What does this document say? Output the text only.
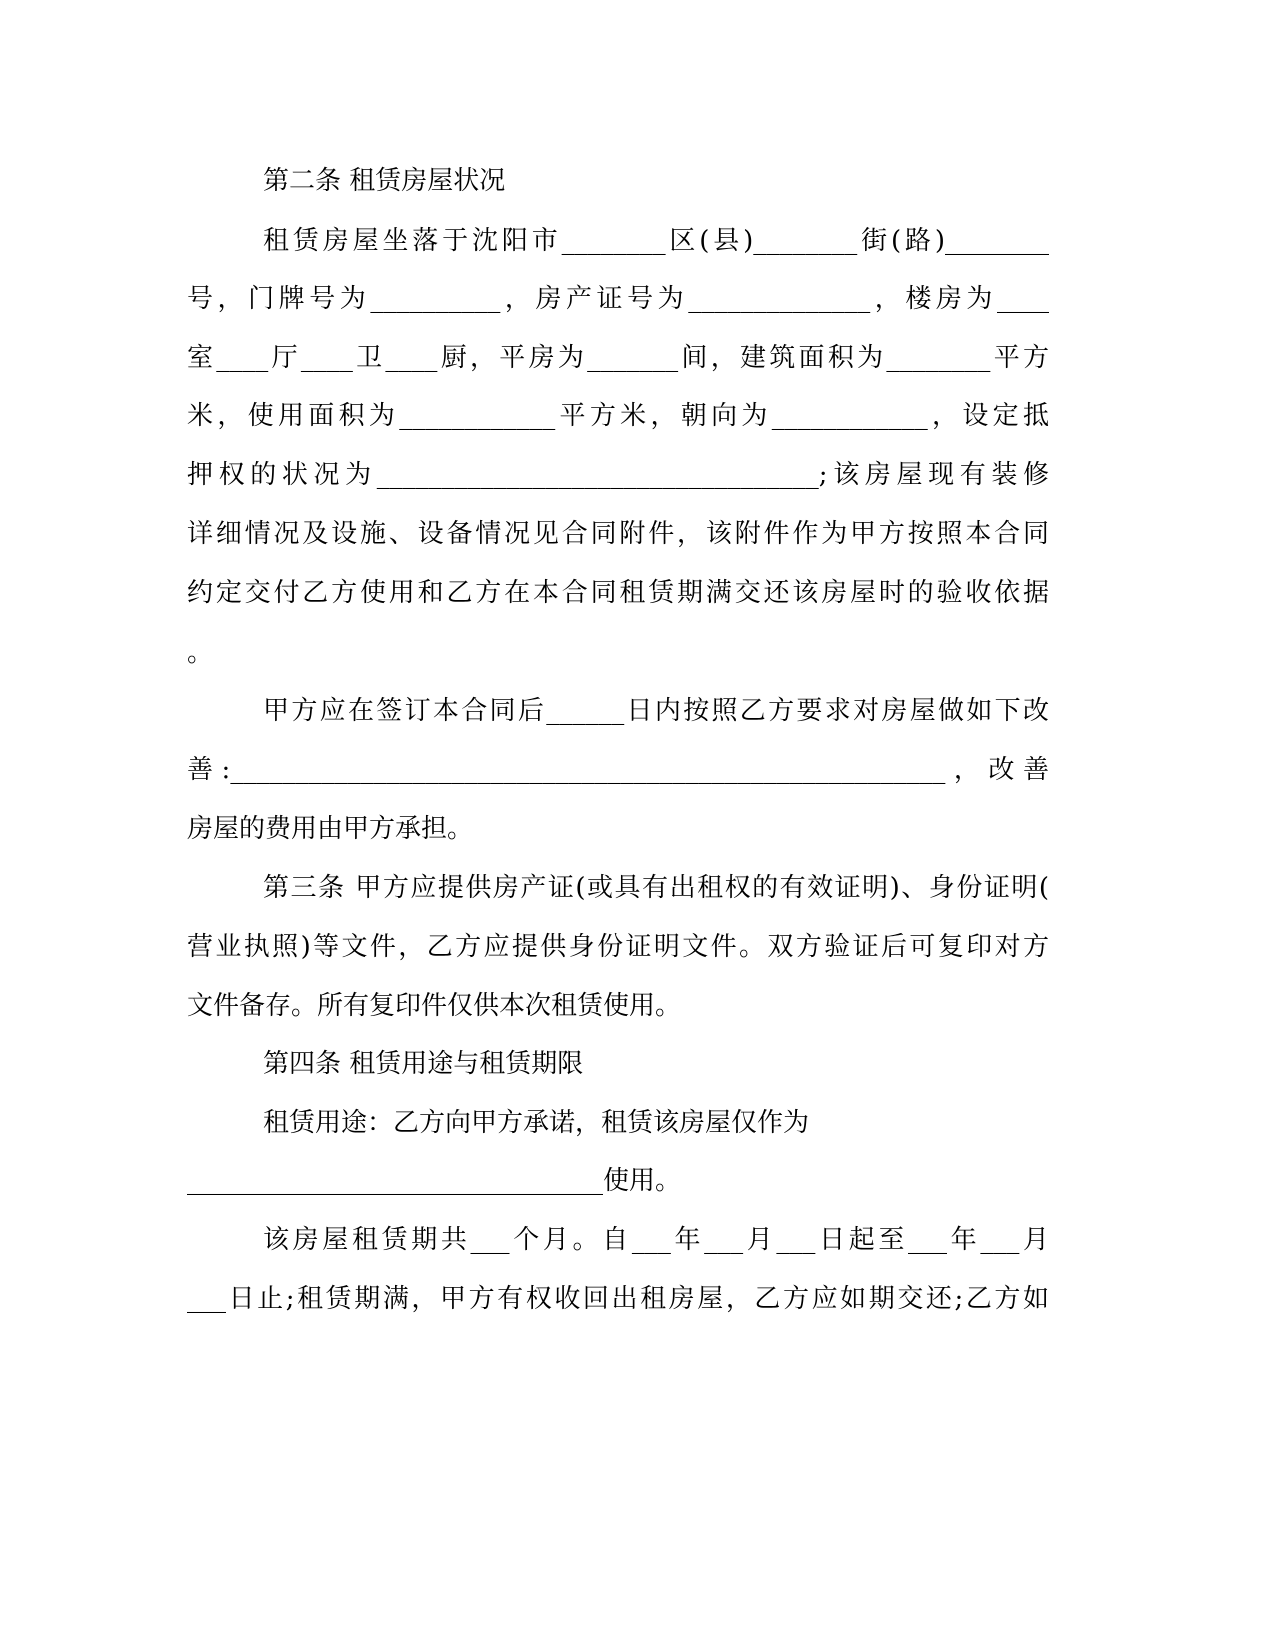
第二条 租赁房屋状况
租赁房屋坐落于沈阳市________区(县)________街(路)________
号，门牌号为__________，房产证号为______________，楼房为____
室____厅____卫____厨，平房为_______间，建筑面积为________平方
米，使用面积为____________平方米，朝向为____________，设定抵
押权的状况为__________________________________;该房屋现有装修
详细情况及设施、设备情况见合同附件，该附件作为甲方按照本合同
约定交付乙方使用和乙方在本合同租赁期满交还该房屋时的验收依据
。
甲方应在签订本合同后______日内按照乙方要求对房屋做如下改
善:_______________________________________________________，改善
房屋的费用由甲方承担。
第三条 甲方应提供房产证(或具有出租权的有效证明)、身份证明(
营业执照)等文件，乙方应提供身份证明文件。双方验证后可复印对方
文件备存。所有复印件仅供本次租赁使用。
第四条 租赁用途与租赁期限
租赁用途：乙方向甲方承诺，租赁该房屋仅作为
________________________________使用。
该房屋租赁期共___个月。自___年___月___日起至___年___月
___日止;租赁期满，甲方有权收回出租房屋，乙方应如期交还;乙方如
